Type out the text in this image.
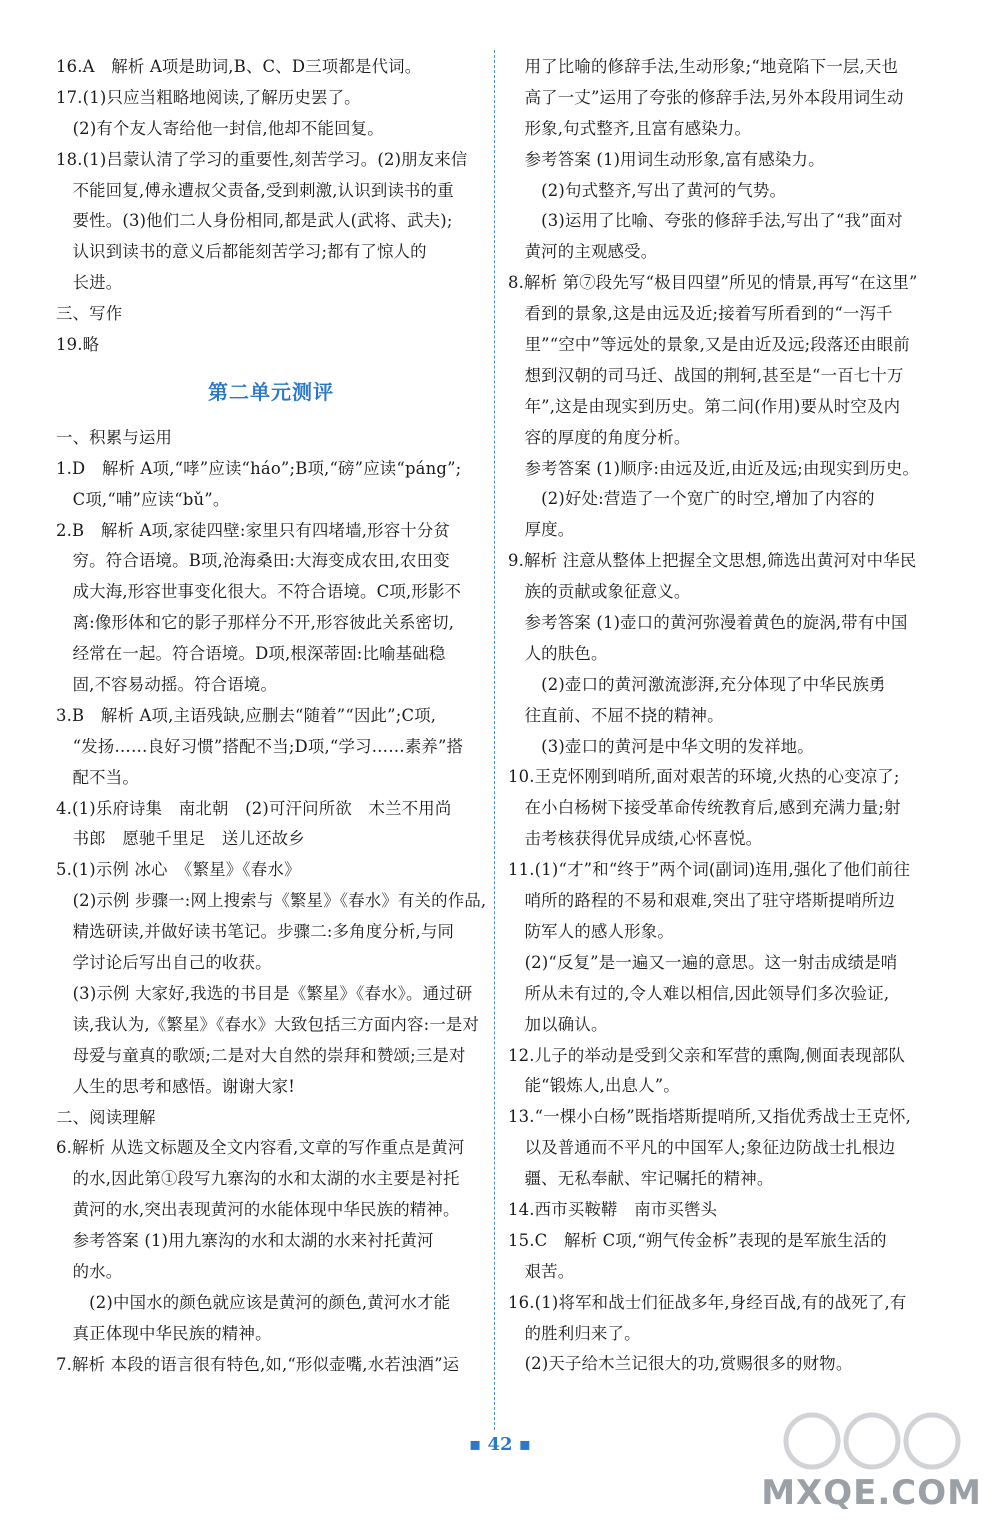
16.A　解析 A项是助词,B、C、D三项都是代词。
17.(1)只应当粗略地阅读,了解历史罢了。
　(2)有个友人寄给他一封信,他却不能回复。
18.(1)吕蒙认清了学习的重要性,刻苦学习。(2)朋友来信
　不能回复,傅永遭叔父责备,受到刺激,认识到读书的重
　要性。(3)他们二人身份相同,都是武人(武将、武夫);
　认识到读书的意义后都能刻苦学习;都有了惊人的
　长进。
三、写作
19.略
第二单元测评
一、积累与运用
1.D　解析 A项,“哮”应读“háo”;B项,“磅”应读“páng”;
　C项,“哺”应读“bǔ”。
2.B　解析 A项,家徒四壁:家里只有四堵墙,形容十分贫
　穷。符合语境。B项,沧海桑田:大海变成农田,农田变
　成大海,形容世事变化很大。不符合语境。C项,形影不
　离:像形体和它的影子那样分不开,形容彼此关系密切,
　经常在一起。符合语境。D项,根深蒂固:比喻基础稳
　固,不容易动摇。符合语境。
3.B　解析 A项,主语残缺,应删去“随着”“因此”;C项,
　“发扬……良好习惯”搭配不当;D项,“学习……素养”搭
　配不当。
4.(1)乐府诗集　南北朝　(2)可汗问所欲　木兰不用尚
　书郎　愿驰千里足　送儿还故乡
5.(1)示例 冰心　《繁星》《春水》
　(2)示例 步骤一:网上搜索与《繁星》《春水》有关的作品,
　精选研读,并做好读书笔记。步骤二:多角度分析,与同
　学讨论后写出自己的收获。
　(3)示例 大家好,我选的书目是《繁星》《春水》。通过研
　读,我认为,《繁星》《春水》大致包括三方面内容:一是对
　母爱与童真的歌颂;二是对大自然的崇拜和赞颂;三是对
　人生的思考和感悟。谢谢大家!
二、阅读理解
6.解析 从选文标题及全文内容看,文章的写作重点是黄河
　的水,因此第①段写九寨沟的水和太湖的水主要是衬托
　黄河的水,突出表现黄河的水能体现中华民族的精神。
　参考答案 (1)用九寨沟的水和太湖的水来衬托黄河
　的水。
　　(2)中国水的颜色就应该是黄河的颜色,黄河水才能
　真正体现中华民族的精神。
7.解析 本段的语言很有特色,如,“形似壶嘴,水若浊酒”运
　用了比喻的修辞手法,生动形象;“地竟陷下一层,天也
　高了一丈”运用了夸张的修辞手法,另外本段用词生动
　形象,句式整齐,且富有感染力。
　参考答案 (1)用词生动形象,富有感染力。
　　(2)句式整齐,写出了黄河的气势。
　　(3)运用了比喻、夸张的修辞手法,写出了“我”面对
　黄河的主观感受。
8.解析 第⑦段先写“极目四望”所见的情景,再写“在这里”
　看到的景象,这是由远及近;接着写所看到的“一泻千
　里”“空中”等远处的景象,又是由近及远;段落还由眼前
　想到汉朝的司马迁、战国的荆轲,甚至是“一百七十万
　年”,这是由现实到历史。第二问(作用)要从时空及内
　容的厚度的角度分析。
　参考答案 (1)顺序:由远及近,由近及远;由现实到历史。
　　(2)好处:营造了一个宽广的时空,增加了内容的
　厚度。
9.解析 注意从整体上把握全文思想,筛选出黄河对中华民
　族的贡献或象征意义。
　参考答案 (1)壶口的黄河弥漫着黄色的旋涡,带有中国
　人的肤色。
　　(2)壶口的黄河激流澎湃,充分体现了中华民族勇
　往直前、不屈不挠的精神。
　　(3)壶口的黄河是中华文明的发祥地。
10.王克怀刚到哨所,面对艰苦的环境,火热的心变凉了;
　在小白杨树下接受革命传统教育后,感到充满力量;射
　击考核获得优异成绩,心怀喜悦。
11.(1)“才”和“终于”两个词(副词)连用,强化了他们前往
　哨所的路程的不易和艰难,突出了驻守塔斯提哨所边
　防军人的感人形象。
　(2)“反复”是一遍又一遍的意思。这一射击成绩是哨
　所从未有过的,令人难以相信,因此领导们多次验证,
　加以确认。
12.儿子的举动是受到父亲和军营的熏陶,侧面表现部队
　能“锻炼人,出息人”。
13.“一棵小白杨”既指塔斯提哨所,又指优秀战士王克怀,
　以及普通而不平凡的中国军人;象征边防战士扎根边
　疆、无私奉献、牢记嘱托的精神。
14.西市买鞍鞯　南市买辔头
15.C　解析 C项,“朔气传金柝”表现的是军旅生活的
　艰苦。
16.(1)将军和战士们征战多年,身经百战,有的战死了,有
　的胜利归来了。
　(2)天子给木兰记很大的功,赏赐很多的财物。
▪ 42 ▪
MXQE.COM
